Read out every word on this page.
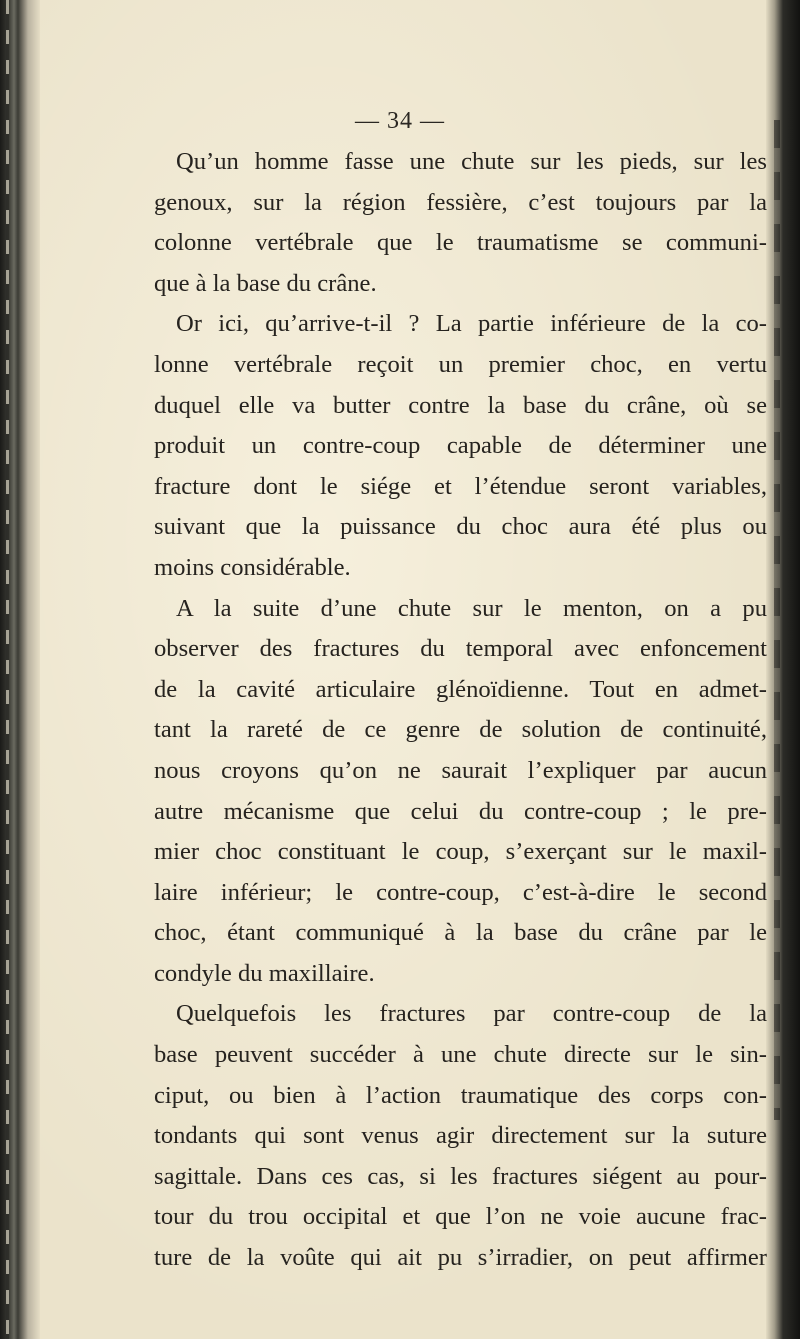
— 34 —
Qu’un homme fasse une chute sur les pieds, sur les
genoux, sur la région fessière, c’est toujours par la
colonne vertébrale que le traumatisme se communi-
que à la base du crâne.
Or ici, qu’arrive-t-il ? La partie inférieure de la co-
lonne vertébrale reçoit un premier choc, en vertu
duquel elle va butter contre la base du crâne, où se
produit un contre-coup capable de déterminer une
fracture dont le siége et l’étendue seront variables,
suivant que la puissance du choc aura été plus ou
moins considérable.
A la suite d’une chute sur le menton, on a pu
observer des fractures du temporal avec enfoncement
de la cavité articulaire glénoïdienne. Tout en admet-
tant la rareté de ce genre de solution de continuité,
nous croyons qu’on ne saurait l’expliquer par aucun
autre mécanisme que celui du contre-coup ; le pre-
mier choc constituant le coup, s’exerçant sur le maxil-
laire inférieur; le contre-coup, c’est-à-dire le second
choc, étant communiqué à la base du crâne par le
condyle du maxillaire.
Quelquefois les fractures par contre-coup de la
base peuvent succéder à une chute directe sur le sin-
ciput, ou bien à l’action traumatique des corps con-
tondants qui sont venus agir directement sur la suture
sagittale. Dans ces cas, si les fractures siégent au pour-
tour du trou occipital et que l’on ne voie aucune frac-
ture de la voûte qui ait pu s’irradier, on peut affirmer
